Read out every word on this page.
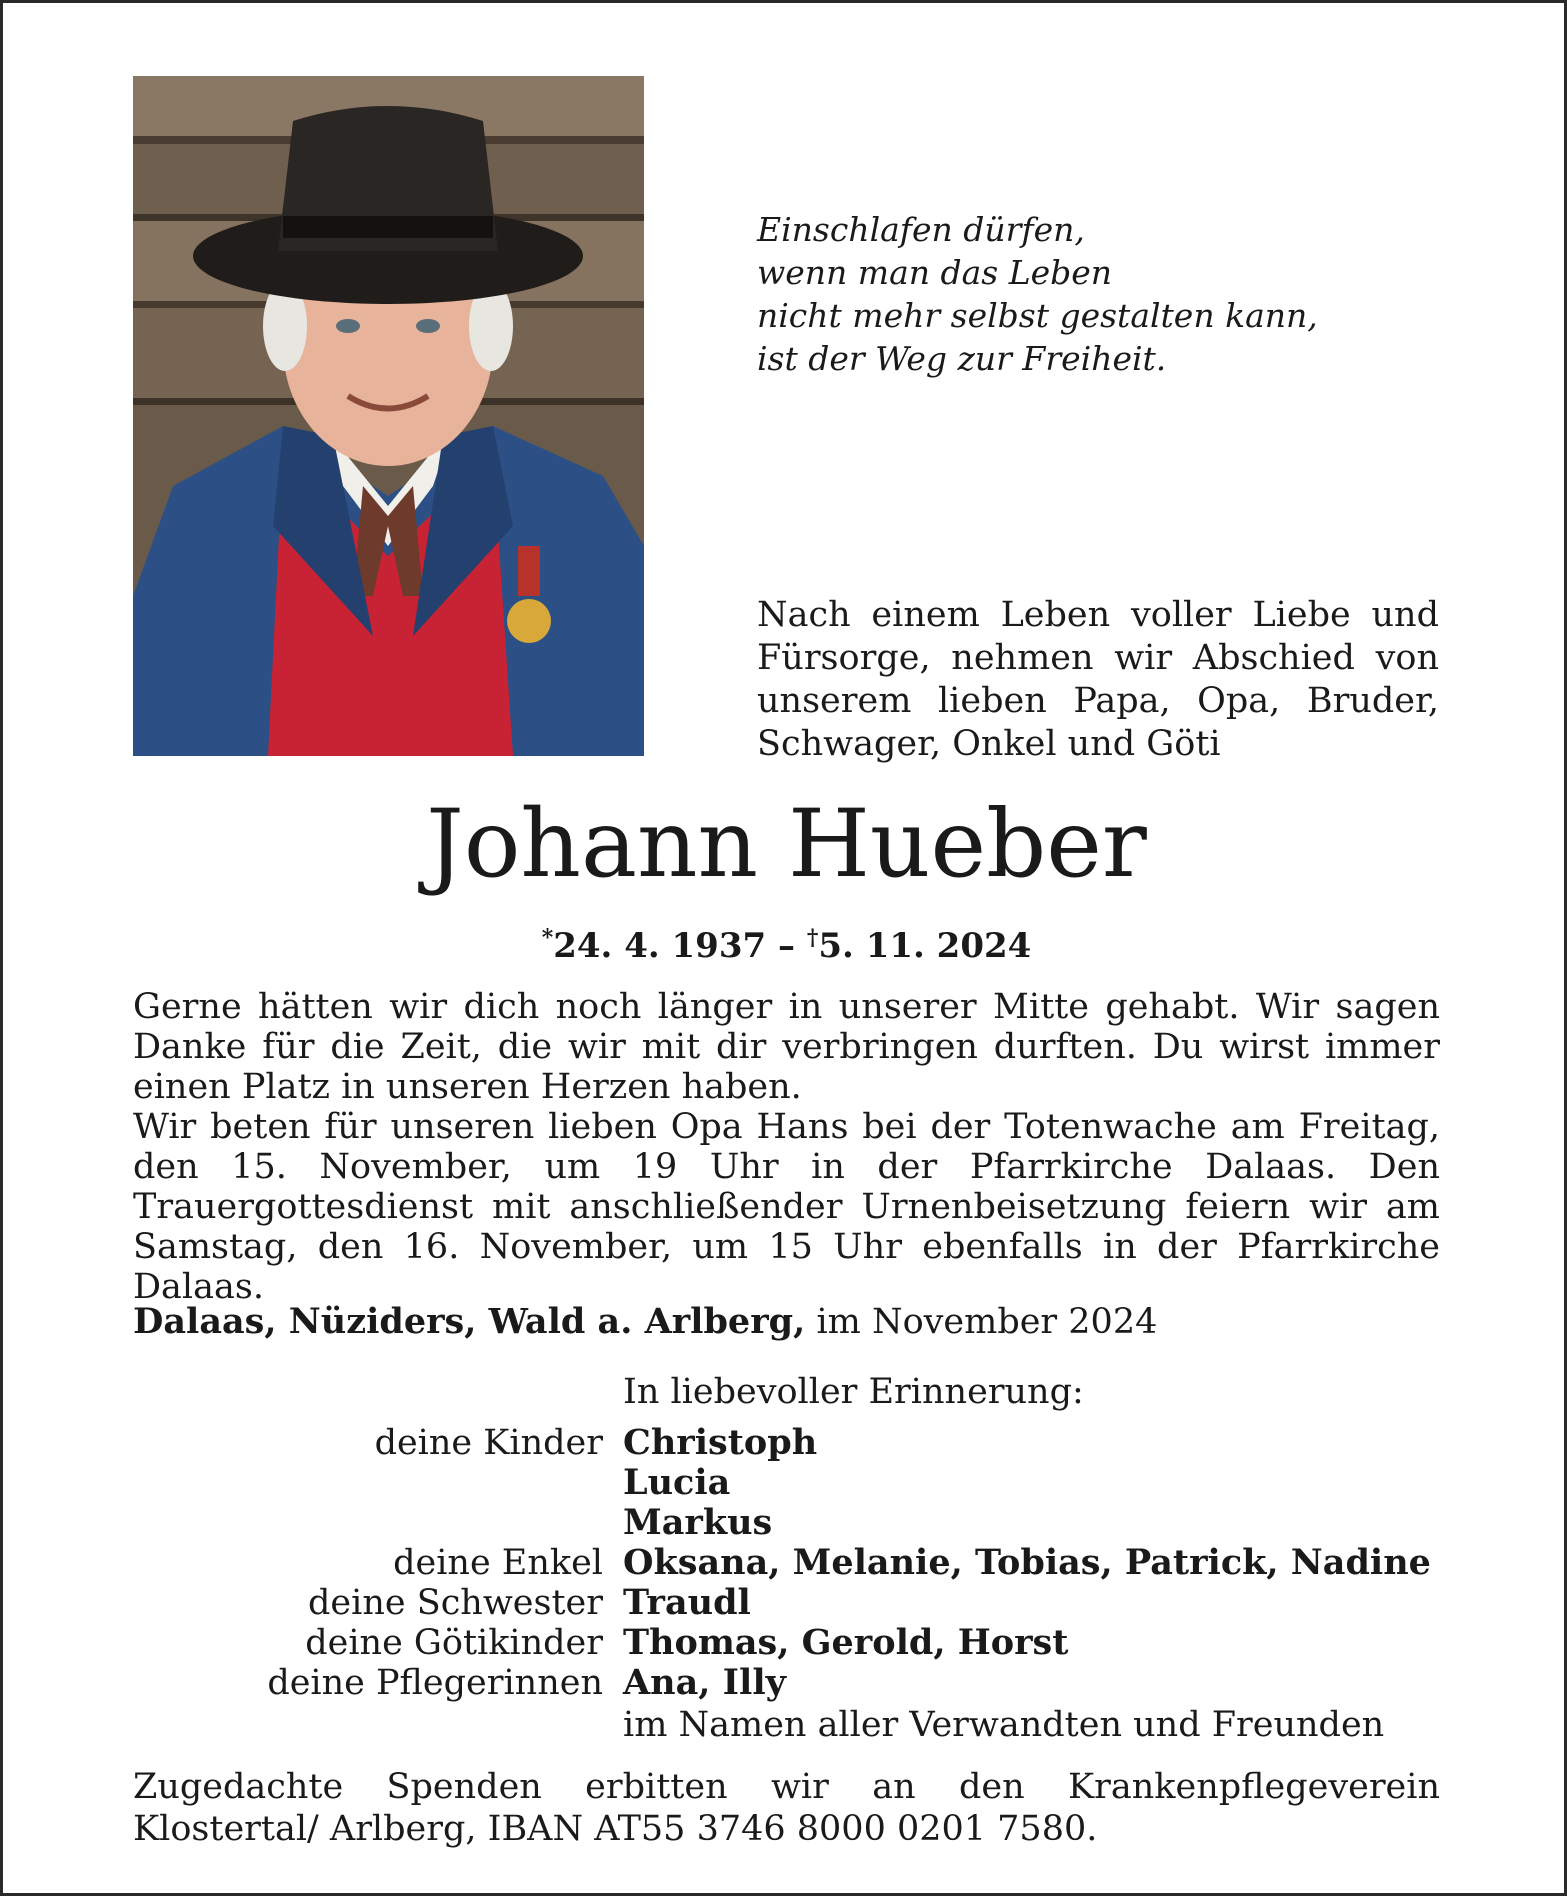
Einschlafen dürfen,
wenn man das Leben
nicht mehr selbst gestalten kann,
ist der Weg zur Freiheit.
Nach einem Leben voller Liebe und Fürsorge, nehmen wir Abschied von unserem lieben Papa, Opa, Bruder, Schwager, Onkel und Göti
Johann Hueber
*24. 4. 1937 – †5. 11. 2024

Gerne hätten wir dich noch länger in unserer Mitte gehabt. Wir sagen Danke für die Zeit, die wir mit dir verbringen durften. Du wirst immer einen Platz in unseren Herzen haben.

Wir beten für unseren lieben Opa Hans bei der Totenwache am Freitag, den 15. November, um 19 Uhr in der Pfarrkirche Dalaas. Den Trauergottesdienst mit anschließender Urnenbeisetzung feiern wir am Samstag, den 16. November, um 15 Uhr ebenfalls in der Pfarrkirche Dalaas.

Dalaas, Nüziders, Wald a. Arlberg, im November 2024
In liebevoller Erinnerung:
deine Kinder Christoph
Lucia
Markus
deine Enkel Oksana, Melanie, Tobias, Patrick, Nadine
deine Schwester Traudl
deine Götikinder Thomas, Gerold, Horst
deine Pflegerinnen Ana, Illy
im Namen aller Verwandten und Freunden
Zugedachte Spenden erbitten wir an den Krankenpflegeverein Klostertal/ Arlberg, IBAN AT55 3746 8000 0201 7580.
